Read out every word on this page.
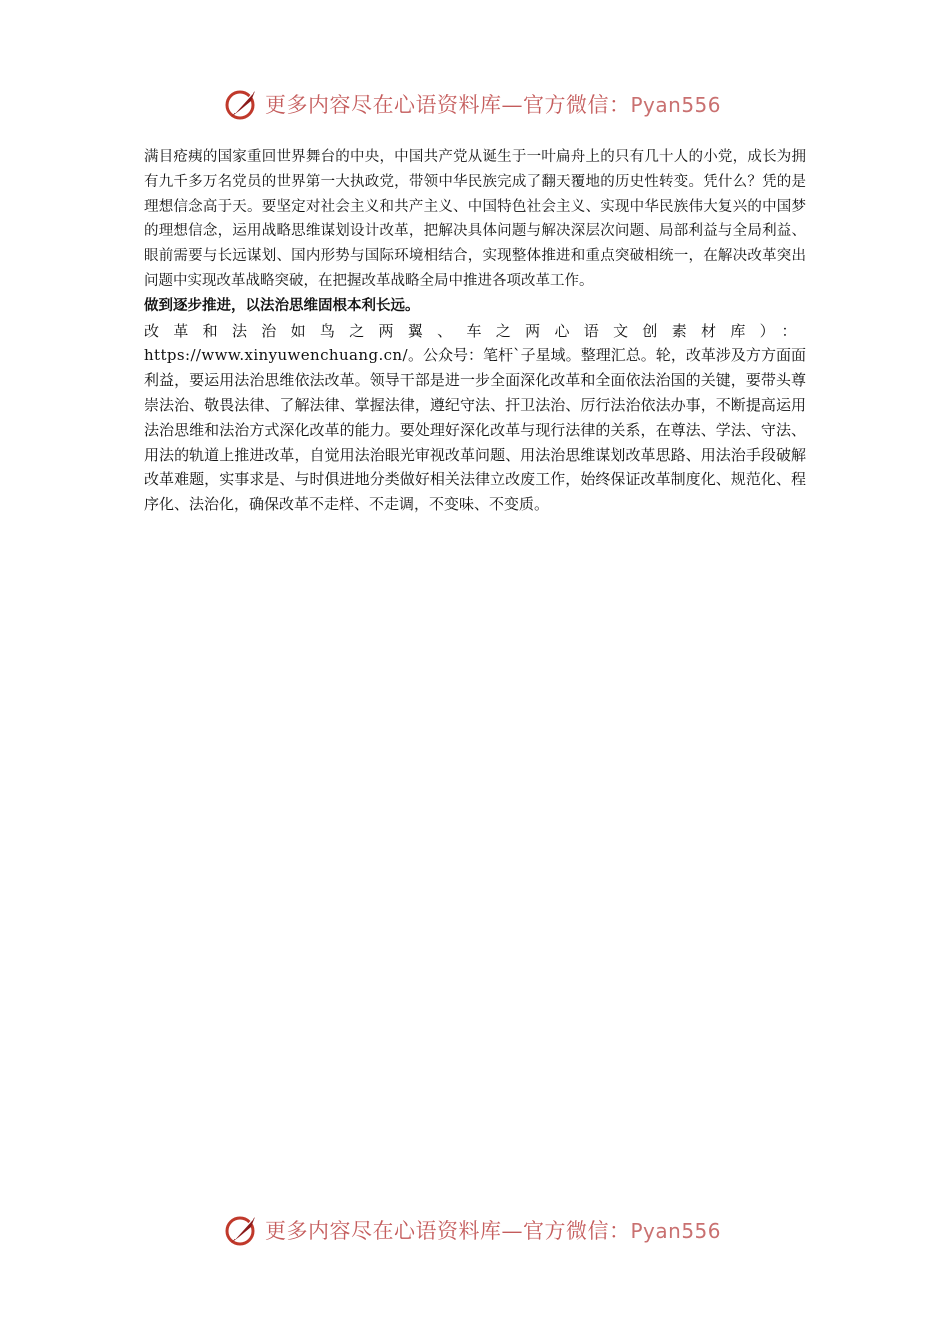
更多内容尽在心语资料库—官方微信：Pyan556

满目疮痍的国家重回世界舞台的中央，中国共产党从诞生于一叶扁舟上的只有几十人的小党，成长为拥有九千多万名党员的世界第一大执政党，带领中华民族完成了翻天覆地的历史性转变。凭什么？凭的是理想信念高于天。要坚定对社会主义和共产主义、中国特色社会主义、实现中华民族伟大复兴的中国梦的理想信念，运用战略思维谋划设计改革，把解决具体问题与解决深层次问题、局部利益与全局利益、眼前需要与长远谋划、国内形势与国际环境相结合，实现整体推进和重点突破相统一，在解决改革突出问题中实现改革战略突破，在把握改革战略全局中推进各项改革工作。

做到逐步推进，以法治思维固根本利长远。

改革和法治如鸟之两翼、车之两心语文创素材库）：https://www.xinyuwenchuang.cn/。公众号：笔杆`子星域。整理汇总。轮，改革涉及方方面面利益，要运用法治思维依法改革。领导干部是进一步全面深化改革和全面依法治国的关键，要带头尊崇法治、敬畏法律、了解法律、掌握法律，遵纪守法、扞卫法治、厉行法治依法办事，不断提高运用法治思维和法治方式深化改革的能力。要处理好深化改革与现行法律的关系，在尊法、学法、守法、用法的轨道上推进改革，自觉用法治眼光审视改革问题、用法治思维谋划改革思路、用法治手段破解改革难题，实事求是、与时俱进地分类做好相关法律立改废工作，始终保证改革制度化、规范化、程序化、法治化，确保改革不走样、不走调，不变味、不变质。

更多内容尽在心语资料库—官方微信：Pyan556
